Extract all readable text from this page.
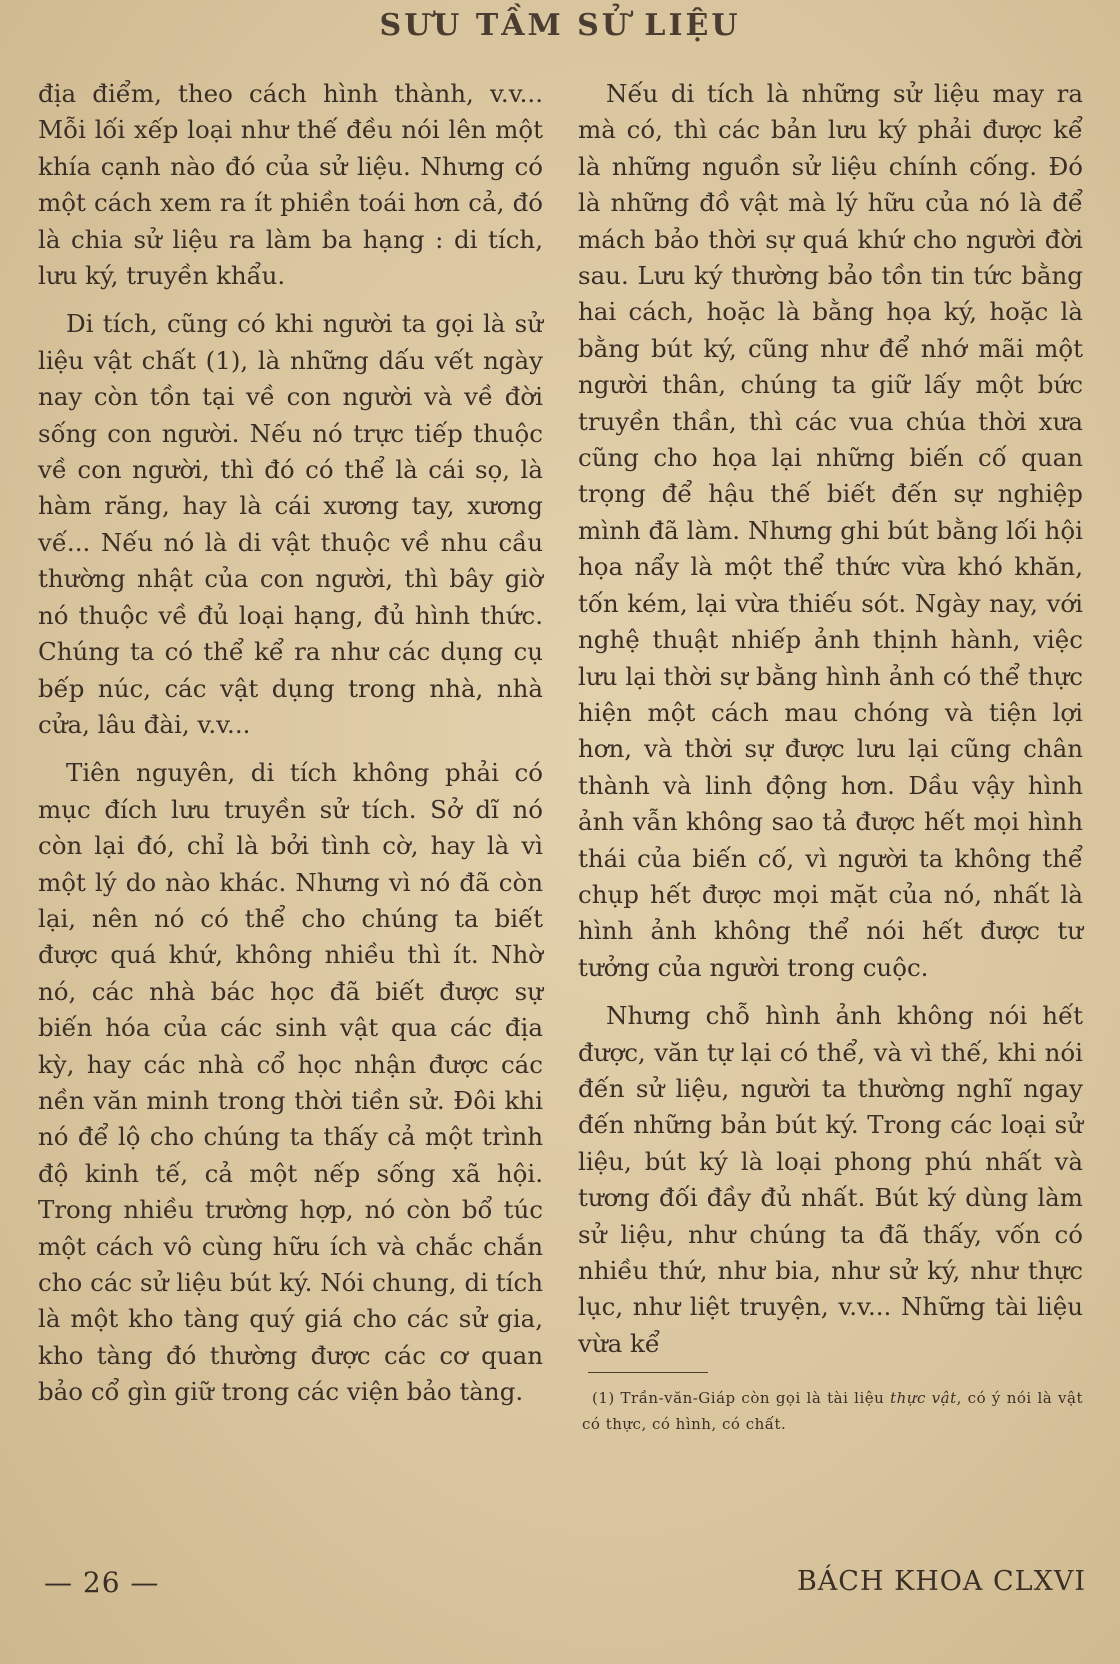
SƯU TẦM SỬ LIỆU

địa điểm, theo cách hình thành, v.v... Mỗi lối xếp loại như thế đều nói lên một khía cạnh nào đó của sử liệu. Nhưng có một cách xem ra ít phiền toái hơn cả, đó là chia sử liệu ra làm ba hạng : di tích, lưu ký, truyền khẩu.

Di tích, cũng có khi người ta gọi là sử liệu vật chất (1), là những dấu vết ngày nay còn tồn tại về con người và về đời sống con người. Nếu nó trực tiếp thuộc về con người, thì đó có thể là cái sọ, là hàm răng, hay là cái xương tay, xương vế... Nếu nó là di vật thuộc về nhu cầu thường nhật của con người, thì bây giờ nó thuộc về đủ loại hạng, đủ hình thức. Chúng ta có thể kể ra như các dụng cụ bếp núc, các vật dụng trong nhà, nhà cửa, lâu đài, v.v...

Tiên nguyên, di tích không phải có mục đích lưu truyền sử tích. Sở dĩ nó còn lại đó, chỉ là bởi tình cờ, hay là vì một lý do nào khác. Nhưng vì nó đã còn lại, nên nó có thể cho chúng ta biết được quá khứ, không nhiều thì ít. Nhờ nó, các nhà bác học đã biết được sự biến hóa của các sinh vật qua các địa kỳ, hay các nhà cổ học nhận được các nền văn minh trong thời tiền sử. Đôi khi nó để lộ cho chúng ta thấy cả một trình độ kinh tế, cả một nếp sống xã hội. Trong nhiều trường hợp, nó còn bổ túc một cách vô cùng hữu ích và chắc chắn cho các sử liệu bút ký. Nói chung, di tích là một kho tàng quý giá cho các sử gia, kho tàng đó thường được các cơ quan bảo cổ gìn giữ trong các viện bảo tàng.

Nếu di tích là những sử liệu may ra mà có, thì các bản lưu ký phải được kể là những nguồn sử liệu chính cống. Đó là những đồ vật mà lý hữu của nó là để mách bảo thời sự quá khứ cho người đời sau. Lưu ký thường bảo tồn tin tức bằng hai cách, hoặc là bằng họa ký, hoặc là bằng bút ký, cũng như để nhớ mãi một người thân, chúng ta giữ lấy một bức truyền thần, thì các vua chúa thời xưa cũng cho họa lại những biến cố quan trọng để hậu thế biết đến sự nghiệp mình đã làm. Nhưng ghi bút bằng lối hội họa nẩy là một thể thức vừa khó khăn, tốn kém, lại vừa thiếu sót. Ngày nay, với nghệ thuật nhiếp ảnh thịnh hành, việc lưu lại thời sự bằng hình ảnh có thể thực hiện một cách mau chóng và tiện lợi hơn, và thời sự được lưu lại cũng chân thành và linh động hơn. Dầu vậy hình ảnh vẫn không sao tả được hết mọi hình thái của biến cố, vì người ta không thể chụp hết được mọi mặt của nó, nhất là hình ảnh không thể nói hết được tư tưởng của người trong cuộc.

Nhưng chỗ hình ảnh không nói hết được, văn tự lại có thể, và vì thế, khi nói đến sử liệu, người ta thường nghĩ ngay đến những bản bút ký. Trong các loại sử liệu, bút ký là loại phong phú nhất và tương đối đầy đủ nhất. Bút ký dùng làm sử liệu, như chúng ta đã thấy, vốn có nhiều thứ, như bia, như sử ký, như thực lục, như liệt truyện, v.v... Những tài liệu vừa kể

(1) Trần-văn-Giáp còn gọi là tài liệu thực vật, có ý nói là vật có thực, có hình, có chất.
— 26 —	BÁCH KHOA CLXVI
